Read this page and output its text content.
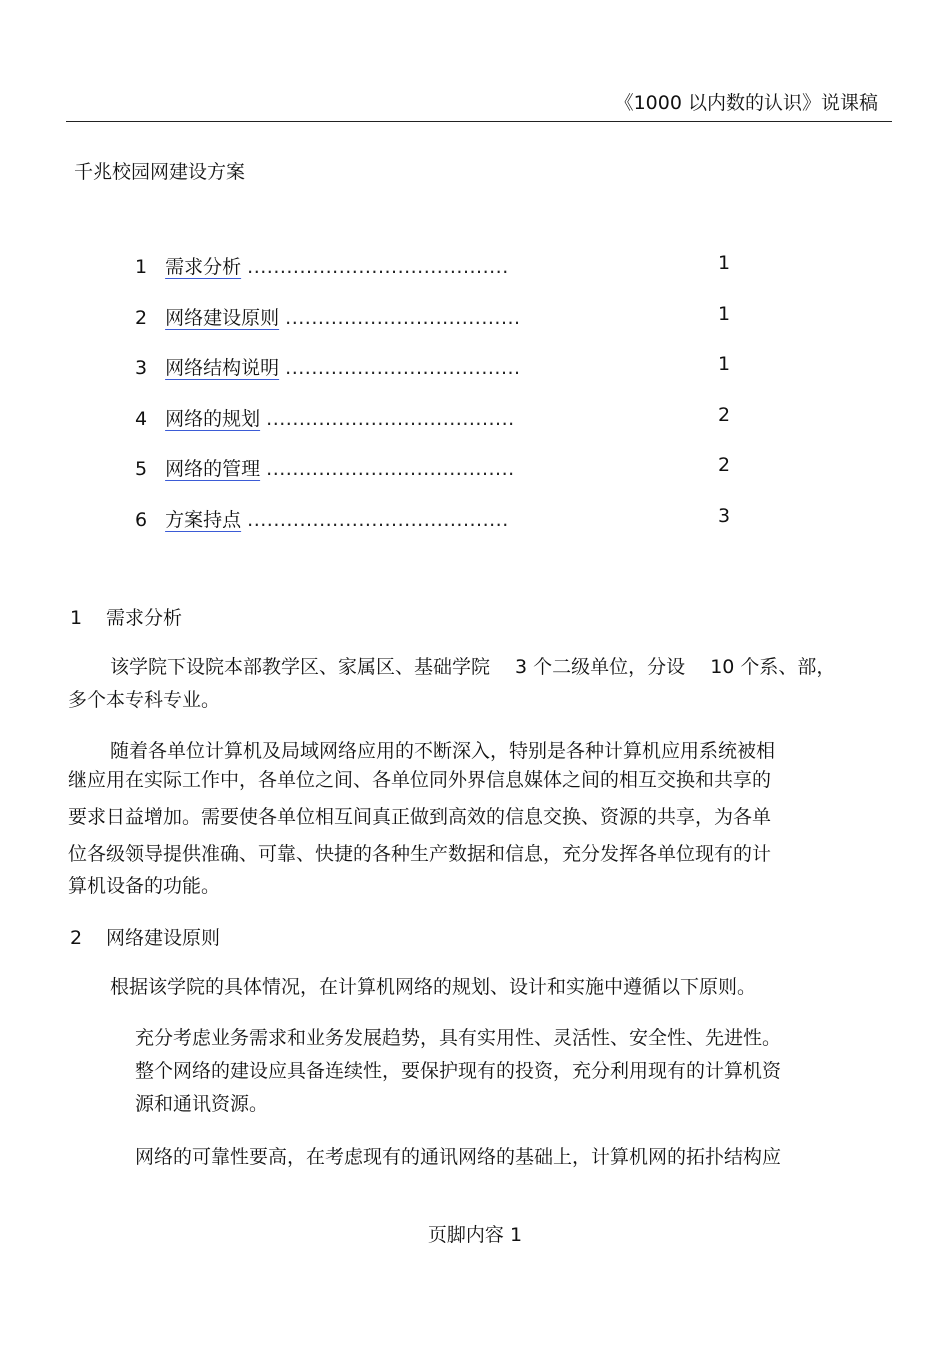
《1000 以内数的认识》说课稿
千兆校园网建设方案
1 需求分析 ........................................	1
2 网络建设原则 ....................................	1
3 网络结构说明 ....................................	1
4 网络的规划 ......................................	2
5 网络的管理 ......................................	2
6 方案持点 ........................................	3
1 需求分析

该学院下设院本部教学区、家属区、基础学院 　3 个二级单位，分设 　10 个系、部，

多个本专科专业。

随着各单位计算机及局域网络应用的不断深入，特别是各种计算机应用系统被相

继应用在实际工作中，各单位之间、各单位同外界信息媒体之间的相互交换和共享的

要求日益增加。需要使各单位相互间真正做到高效的信息交换、资源的共享，为各单

位各级领导提供准确、可靠、快捷的各种生产数据和信息，充分发挥各单位现有的计

算机设备的功能。

2 网络建设原则

根据该学院的具体情况，在计算机网络的规划、设计和实施中遵循以下原则。

充分考虑业务需求和业务发展趋势，具有实用性、灵活性、安全性、先进性。

整个网络的建设应具备连续性，要保护现有的投资，充分利用现有的计算机资

源和通讯资源。

网络的可靠性要高，在考虑现有的通讯网络的基础上，计算机网的拓扑结构应

页脚内容 1
